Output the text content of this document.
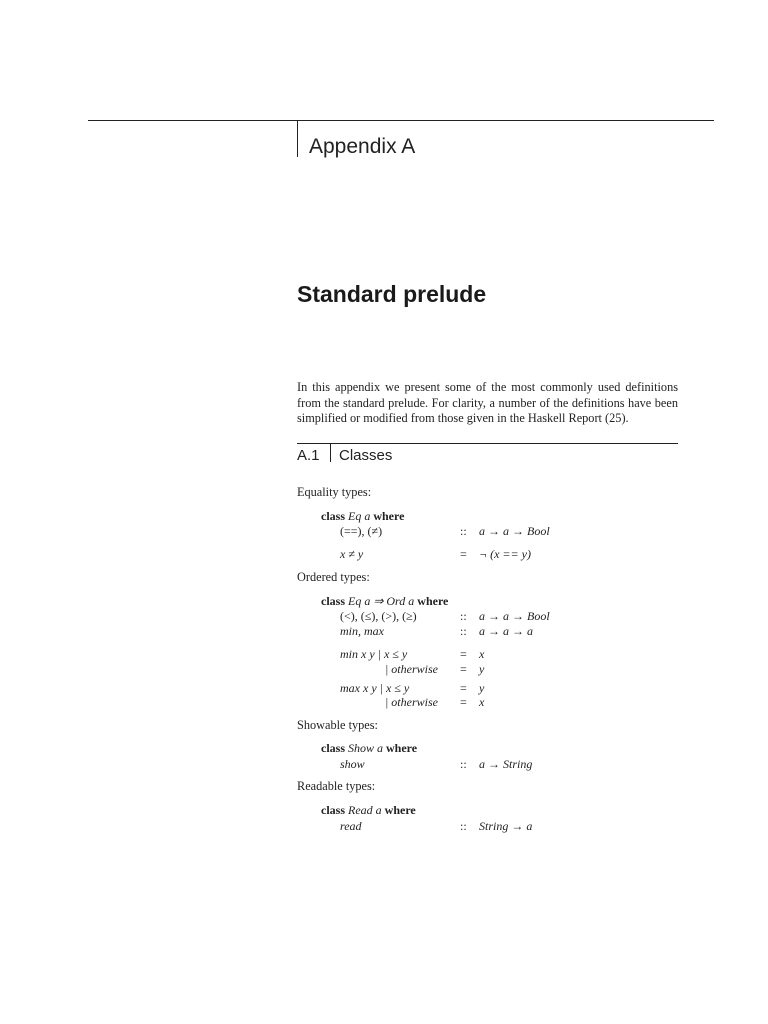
Appendix A
Standard prelude
In this appendix we present some of the most commonly used definitions from the standard prelude. For clarity, a number of the definitions have been simplified or modified from those given in the Haskell Report (25).
A.1 Classes
Equality types:
class Eq a where
(==), (≠)	:: a → a → Bool
x ≠ y	= ¬ (x == y)
Ordered types:
class Eq a ⇒ Ord a where
(<), (≤), (>), (≥)	:: a → a → Bool
min, max	:: a → a → a
min x y | x ≤ y	= x
| otherwise = y
max x y | x ≤ y	= y
| otherwise = x
Showable types:
class Show a where
show	:: a → String
Readable types:
class Read a where
read	:: String → a
